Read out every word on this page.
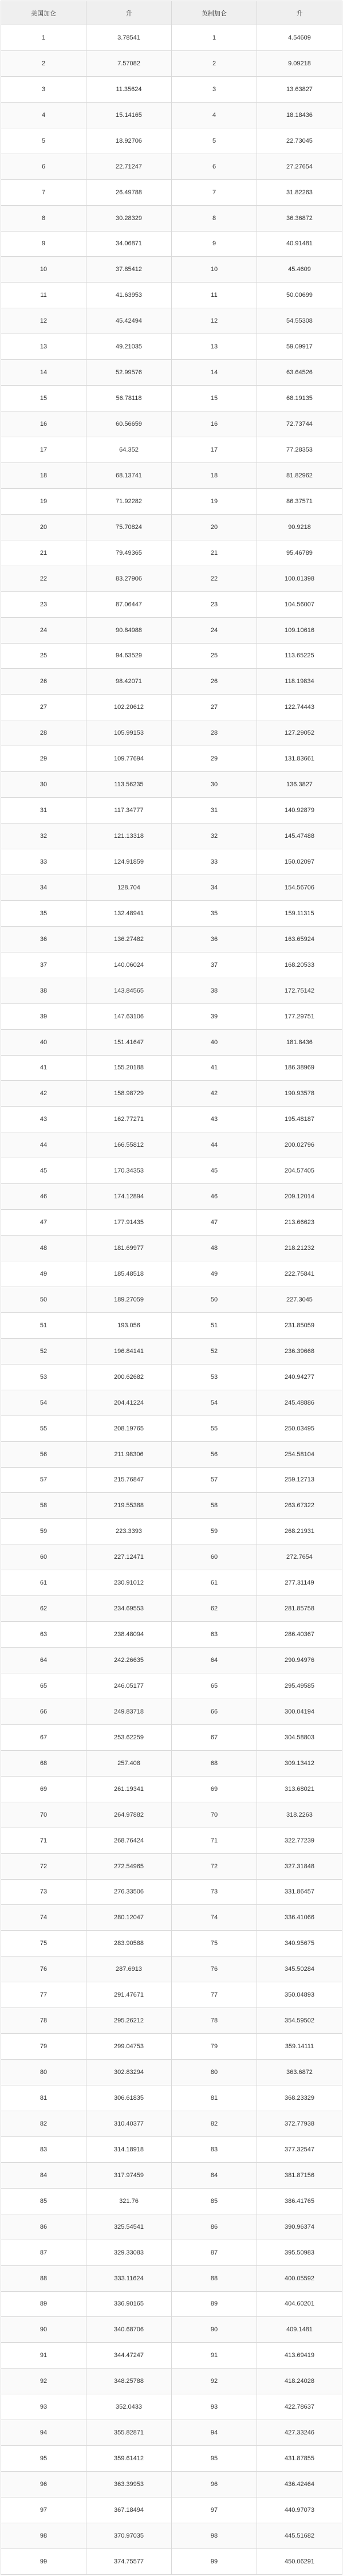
美国加仑	升	英制加仑	升
1	3.78541	1	4.54609
2	7.57082	2	9.09218
3	11.35624	3	13.63827
4	15.14165	4	18.18436
5	18.92706	5	22.73045
6	22.71247	6	27.27654
7	26.49788	7	31.82263
8	30.28329	8	36.36872
9	34.06871	9	40.91481
10	37.85412	10	45.4609
11	41.63953	11	50.00699
12	45.42494	12	54.55308
13	49.21035	13	59.09917
14	52.99576	14	63.64526
15	56.78118	15	68.19135
16	60.56659	16	72.73744
17	64.352	17	77.28353
18	68.13741	18	81.82962
19	71.92282	19	86.37571
20	75.70824	20	90.9218
21	79.49365	21	95.46789
22	83.27906	22	100.01398
23	87.06447	23	104.56007
24	90.84988	24	109.10616
25	94.63529	25	113.65225
26	98.42071	26	118.19834
27	102.20612	27	122.74443
28	105.99153	28	127.29052
29	109.77694	29	131.83661
30	113.56235	30	136.3827
31	117.34777	31	140.92879
32	121.13318	32	145.47488
33	124.91859	33	150.02097
34	128.704	34	154.56706
35	132.48941	35	159.11315
36	136.27482	36	163.65924
37	140.06024	37	168.20533
38	143.84565	38	172.75142
39	147.63106	39	177.29751
40	151.41647	40	181.8436
41	155.20188	41	186.38969
42	158.98729	42	190.93578
43	162.77271	43	195.48187
44	166.55812	44	200.02796
45	170.34353	45	204.57405
46	174.12894	46	209.12014
47	177.91435	47	213.66623
48	181.69977	48	218.21232
49	185.48518	49	222.75841
50	189.27059	50	227.3045
51	193.056	51	231.85059
52	196.84141	52	236.39668
53	200.62682	53	240.94277
54	204.41224	54	245.48886
55	208.19765	55	250.03495
56	211.98306	56	254.58104
57	215.76847	57	259.12713
58	219.55388	58	263.67322
59	223.3393	59	268.21931
60	227.12471	60	272.7654
61	230.91012	61	277.31149
62	234.69553	62	281.85758
63	238.48094	63	286.40367
64	242.26635	64	290.94976
65	246.05177	65	295.49585
66	249.83718	66	300.04194
67	253.62259	67	304.58803
68	257.408	68	309.13412
69	261.19341	69	313.68021
70	264.97882	70	318.2263
71	268.76424	71	322.77239
72	272.54965	72	327.31848
73	276.33506	73	331.86457
74	280.12047	74	336.41066
75	283.90588	75	340.95675
76	287.6913	76	345.50284
77	291.47671	77	350.04893
78	295.26212	78	354.59502
79	299.04753	79	359.14111
80	302.83294	80	363.6872
81	306.61835	81	368.23329
82	310.40377	82	372.77938
83	314.18918	83	377.32547
84	317.97459	84	381.87156
85	321.76	85	386.41765
86	325.54541	86	390.96374
87	329.33083	87	395.50983
88	333.11624	88	400.05592
89	336.90165	89	404.60201
90	340.68706	90	409.1481
91	344.47247	91	413.69419
92	348.25788	92	418.24028
93	352.0433	93	422.78637
94	355.82871	94	427.33246
95	359.61412	95	431.87855
96	363.39953	96	436.42464
97	367.18494	97	440.97073
98	370.97035	98	445.51682
99	374.75577	99	450.06291
